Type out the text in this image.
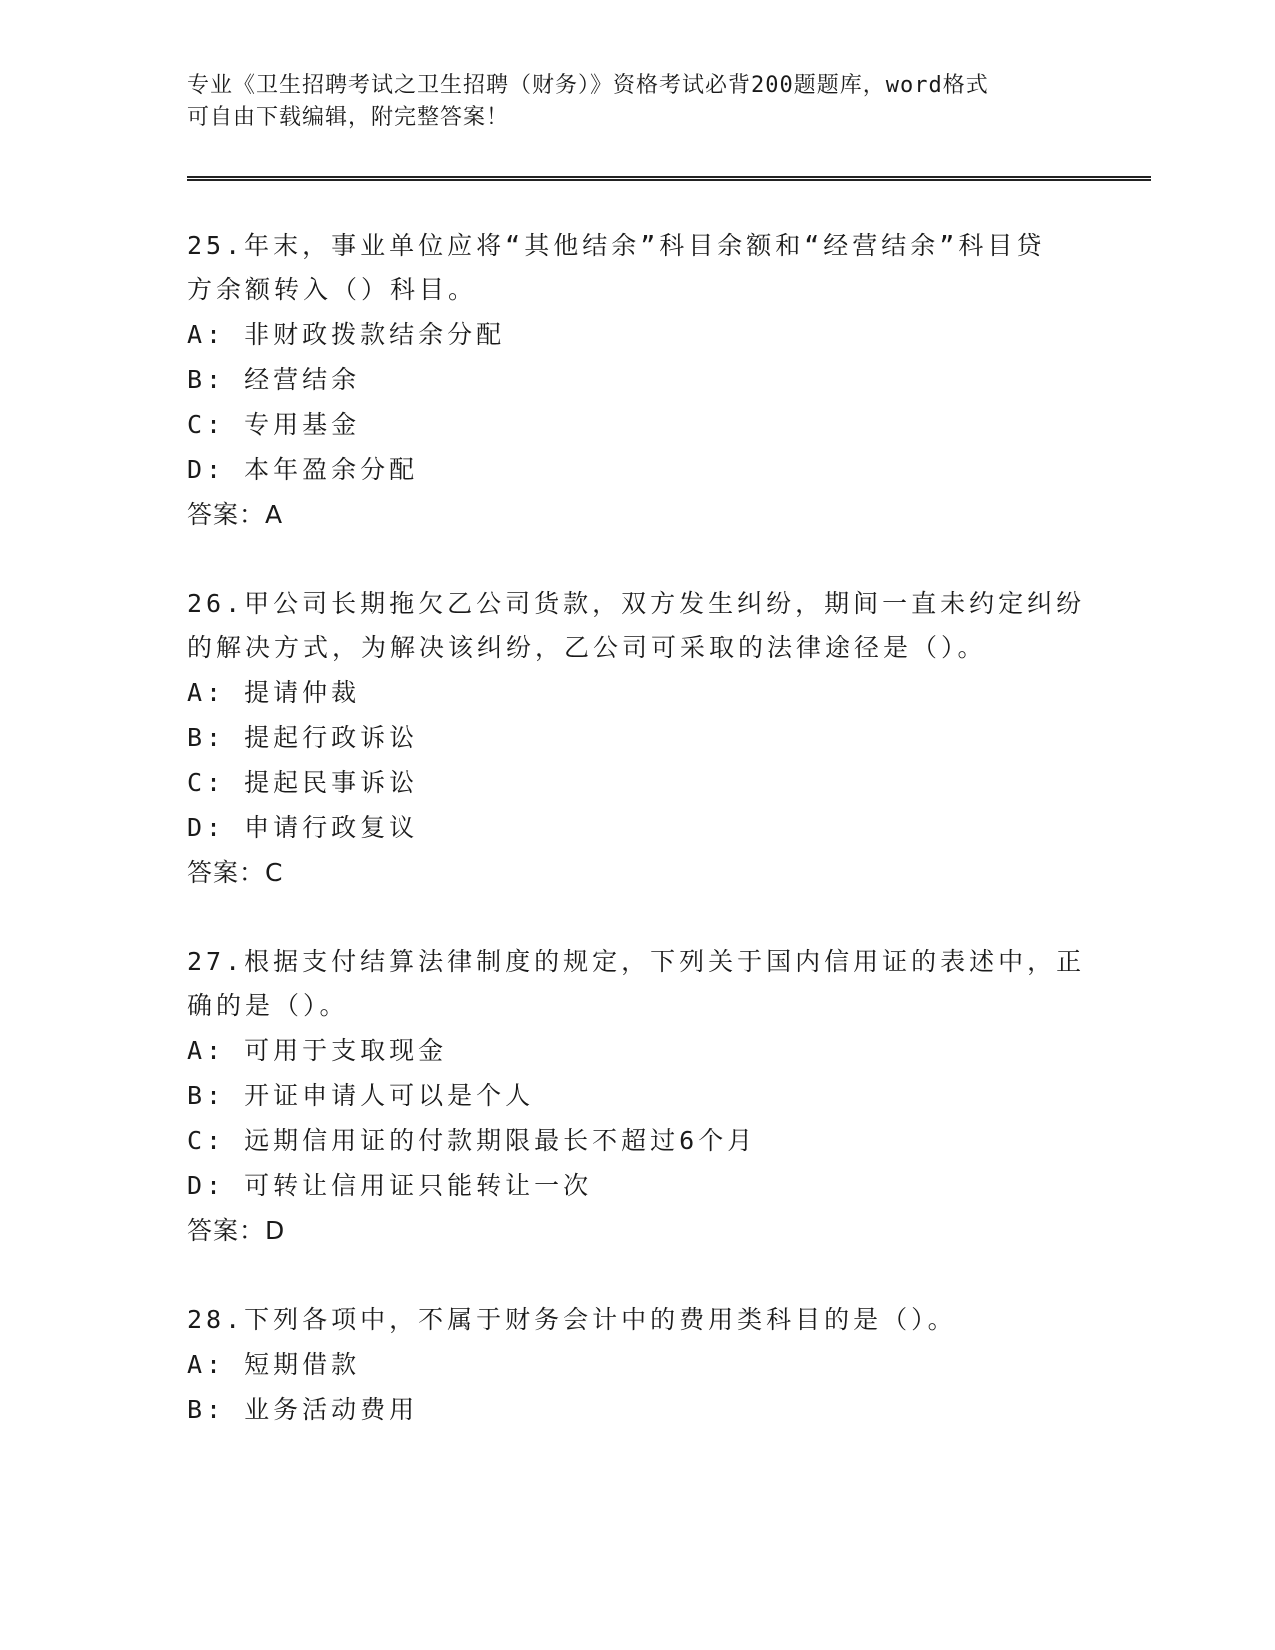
专业《卫生招聘考试之卫生招聘（财务）》资格考试必背200题题库，word格式
可自由下载编辑，附完整答案！

25.年末，事业单位应将“其他结余”科目余额和“经营结余”科目贷

方余额转入（）科目。

A: 非财政拨款结余分配

B: 经营结余

C: 专用基金

D: 本年盈余分配

答案：A

26.甲公司长期拖欠乙公司货款，双方发生纠纷，期间一直未约定纠纷

的解决方式，为解决该纠纷，乙公司可采取的法律途径是（）。

A: 提请仲裁

B: 提起行政诉讼

C: 提起民事诉讼

D: 申请行政复议

答案：C

27.根据支付结算法律制度的规定，下列关于国内信用证的表述中，正

确的是（）。

A: 可用于支取现金

B: 开证申请人可以是个人

C: 远期信用证的付款期限最长不超过6个月

D: 可转让信用证只能转让一次

答案：D

28.下列各项中，不属于财务会计中的费用类科目的是（）。

A: 短期借款

B: 业务活动费用
